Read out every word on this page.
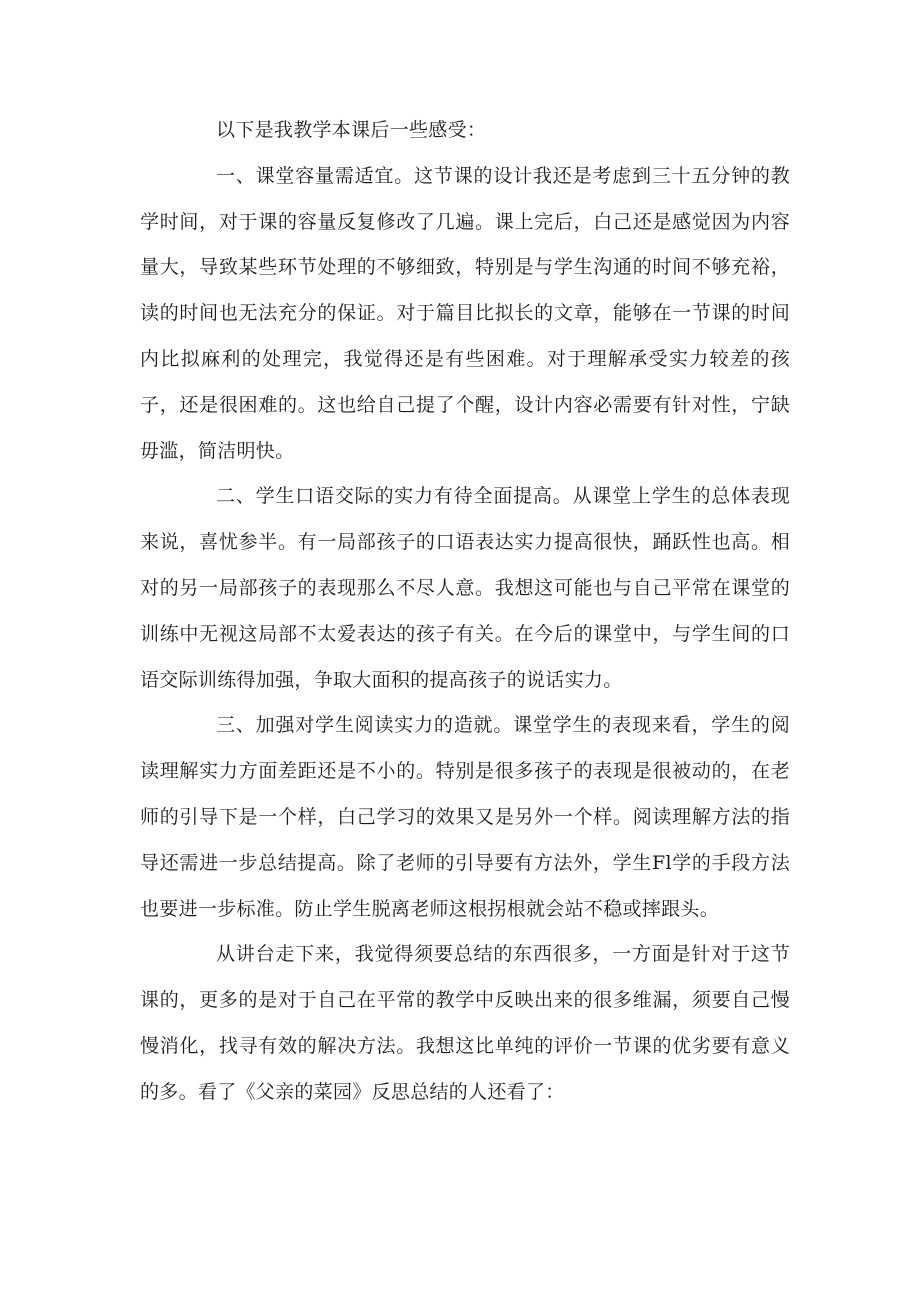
以下是我教学本课后一些感受：

一、课堂容量需适宜。这节课的设计我还是考虑到三十五分钟的教学时间，对于课的容量反复修改了几遍。课上完后，白己还是感觉因为内容量大，导致某些环节处理的不够细致，特别是与学生沟通的时间不够充裕，读的时间也无法充分的保证。对于篇目比拟长的文章，能够在一节课的时间内比拟麻利的处理完，我觉得还是有些困难。对于理解承受实力较差的孩子，还是很困难的。这也给自己提了个醒，设计内容必需要有针对性，宁缺毋滥，简洁明快。

二、学生口语交际的实力有待全面提高。从课堂上学生的总体表现来说，喜忧参半。有一局部孩子的口语表达实力提高很快，踊跃性也高。相对的另一局部孩子的表现那么不尽人意。我想这可能也与自己平常在课堂的训练中无视这局部不太爱表达的孩子有关。在今后的课堂中，与学生间的口语交际训练得加强，争取大面积的提高孩子的说话实力。

三、加强对学生阅读实力的造就。课堂学生的表现来看，学生的阅读理解实力方面差距还是不小的。特别是很多孩子的表现是很被动的，在老师的引导下是一个样，白己学习的效果又是另外一个样。阅读理解方法的指导还需进一步总结提高。除了老师的引导要有方法外，学生Fl学的手段方法也要进一步标准。防止学生脱离老师这根拐根就会站不稳或摔跟头。

从讲台走下来，我觉得须要总结的东西很多，一方面是针对于这节课的，更多的是对于自己在平常的教学中反映出来的很多维漏，须要自己慢慢消化，找寻有效的解决方法。我想这比单纯的评价一节课的优劣要有意义的多。看了《父亲的菜园》反思总结的人还看了：
